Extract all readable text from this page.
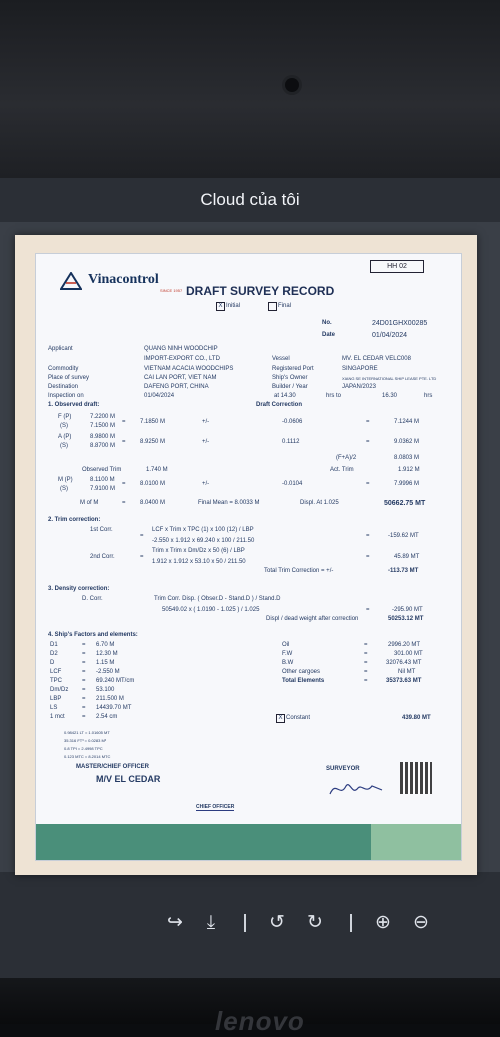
Cloud của tôi
Vinacontrol
SINCE 1957
HH 02
DRAFT SURVEY RECORD
X Initial	Final
No.	24D01GHX00285
Date	01/04/2024
Applicant	QUANG NINH WOODCHIP
IMPORT-EXPORT CO., LTD	Vessel	MV. EL CEDAR VELC008
Commodity	VIETNAM ACACIA WOODCHIPS	Registered Port	SINGAPORE
Place of survey	CAI LAN PORT, VIET NAM	Ship's Owner	XIANG SE INTERNATIONAL SHIP LEASE PTE. LTD
Destination	DAFENG PORT, CHINA	Builder / Year	JAPAN/2023
Inspection on	01/04/2024	at 14.30	hrs to	16.30	hrs
1. Observed draft:	Draft Correction
F (P)	7.2200 M
(S)	7.1500 M
= 7.1850 M	+/-	-0.0606	=	7.1244 M
A (P)	8.9800 M
(S)	8.8700 M
= 8.9250 M	+/-	0.1112	=	9.0362 M
(F+A)/2	8.0803 M
Observed Trim	1.740 M	Act. Trim	1.912 M
M (P)	8.1100 M
(S)	7.9100 M
= 8.0100 M	+/-	-0.0104	=	7.9996 M
M of M	= 8.0400 M	Final Mean = 8.0033 M	Displ. At 1.025	50662.75 MT
2. Trim correction:
1st Corr.	LCF x Trim x TPC (1) x 100 (12) / LBP
=
-2.550 x 1.912 x 69.240 x 100 / 211.50
=	-159.62 MT
2nd Corr.
Trim x Trim x Dm/Dz x 50 (6) / LBP
=
1.912 x 1.912 x 53.10 x 50 / 211.50
=	45.89 MT
Total Trim Correction = +/-	-113.73 MT
3. Density correction:
D. Corr.	Trim Corr. Disp. ( Obser.D - Stand.D ) / Stand.D
50549.02 x ( 1.0190 - 1.025 ) / 1.025	=	-295.90 MT
Displ / dead weight after correction	50253.12 MT
4. Ship's Factors and elements:
D1	= 6.70 M
D2	= 12.30 M
D	= 1.15 M
LCF	= -2.550 M
TPC	= 69.240 MT/cm
Dm/Dz = 53.100
LBP	= 211.500 M
LS	= 14439.70 MT
1 mct	= 2.54 cm
Oil	=	2996.20 MT
F.W	=	301.00 MT
B.W	=	32076.43 MT
Other cargoes	=	Nil MT
Total Elements	=	35373.63 MT
X Constant	439.80 MT
0.98421 LT = 1.01605 MT
35.316 FT³ = 0.0283 M³
0.8 TPI = 2.4998 TPC
0.123 MTC = 8.2014 MTC
MASTER/CHIEF OFFICER
M/V EL CEDAR
CHIEF OFFICER
SURVEYOR
↪	⤓	↺ ↻	⊕ ⊖
lenovo
